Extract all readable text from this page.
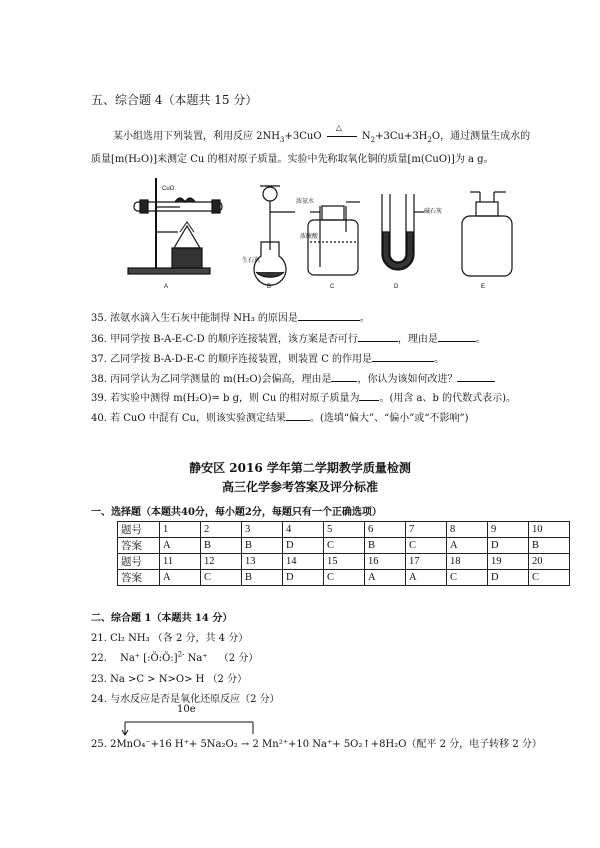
五、综合题 4（本题共 15 分）
某小组选用下列装置，利用反应 $2NH_3+3CuO$
△
$N_2+3Cu+3H_2O$，通过测量生成水的
质量[m(H₂O)]来测定 Cu 的相对原子质量。实验中先称取氧化铜的质量[m(CuO)]为 a g。
CuO
浓氨水
生石灰
浓硫酸
碱石灰
A	B	C	D	E
35. 浓氨水滴入生石灰中能制得 NH₃ 的原因是	。
36. 甲同学按 B-A-E-C-D 的顺序连接装置，该方案是否可行	，理由是	。
37. 乙同学按 B-A-D-E-C 的顺序连接装置，则装置 C 的作用是	。
38. 丙同学认为乙同学测量的 m(H₂O)会偏高，理由是	，你认为该如何改进？
39. 若实验中测得 m(H₂O)= b g，则 Cu 的相对原子质量为 。(用含 a、b 的代数式表示)。
40. 若 CuO 中混有 Cu，则该实验测定结果 。(选填“偏大”、“偏小”或“不影响”)
静安区 2016 学年第二学期教学质量检测
高三化学参考答案及评分标准
一、选择题（本题共40分，每小题2分，每题只有一个正确选项）
题号	1	2	3	4	5	6	7	8	9	10
答案	A	B	B	D	C	B	C	A	D	B
题号	11	12	13	14	15	16	17	18	19	20
答案	A	C	B	D	C	A	A	C	D	C
二、综合题 1（本题共 14 分）
21. Cl₂ NH₃ （各 2 分，共 4 分）
22. Na⁺ [:Ö:Ö:]$^{2-}$ Na⁺ （2 分）
23. Na >C > N>O> H （2 分）
24. 与水反应是否是氧化还原反应（2 分）
10e
25. 2MnO₄⁻+16 H⁺+ 5Na₂O₂ → 2 Mn²⁺+10 Na⁺+ 5O₂↑+8H₂O（配平 2 分，电子转移 2 分）
